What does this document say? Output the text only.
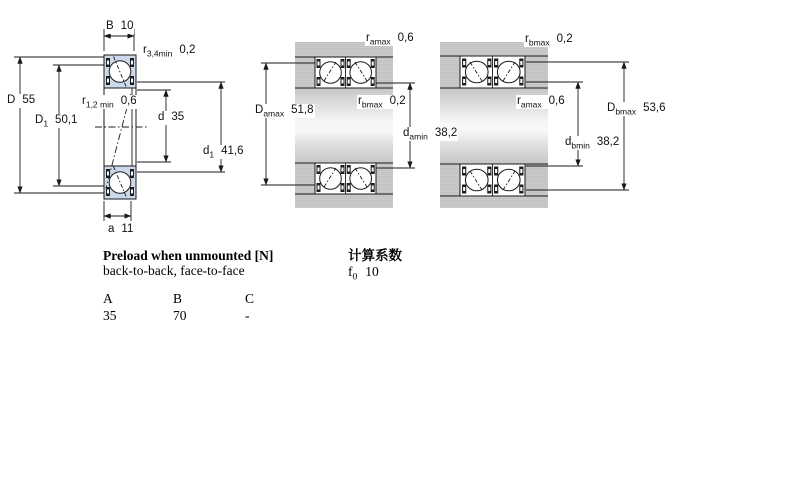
B 10
$r_{3,4min}$ 0,2
D 55
$D_1$ 50,1
$r_{1,2 min}$ 0,6
d 35
$d_1$ 41,6
a 11
$r_{amax}$ 0,6
$D_{amax}$ 51,8
$r_{bmax}$ 0,2
$d_{amin}$ 38,2
$r_{bmax}$ 0,2
$r_{amax}$ 0,6
$D_{bmax}$ 53,6
$d_{bmin}$ 38,2
Preload when unmounted [N]
back-to-back, face-to-face
计算系数
$f_0$ 10
A	B	C
35	70	-
